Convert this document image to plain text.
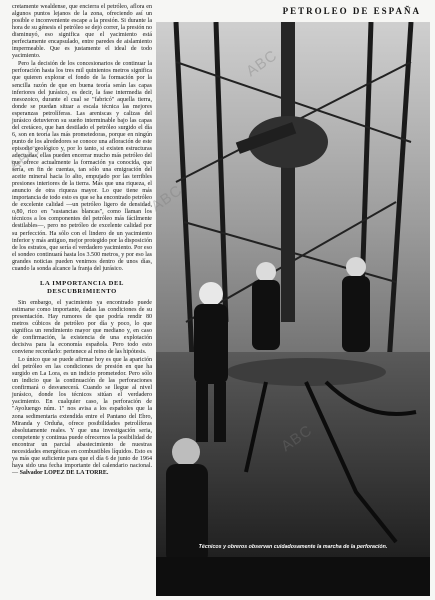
PETROLEO DE ESPAÑA

cretamente wealdense, que encierra el petróleo, aflora en algunos puntos lejanos de la zona, ofreciendo así un posible e inconveniente escape a la presión. Si durante la hora de su génesis el petróleo se dejó correr, la presión no disminuyó, eso significa que el yacimiento está perfectamente encapsulado, entre paredes de aislamiento impermeable. Que es justamente el ideal de todo yacimiento.

Pero la decisión de los concesionarios de continuar la perforación hasta los tres mil quinientos metros significa que quieren explorar el fondo de la formación por la sencilla razón de que en buena teoría serán las capas inferiores del jurásico, es decir, la fase intermedia del mesozoico, durante el cual se "fabricó" aquella tierra, donde se puedan situar a escala técnica las mejores esperanzas petrolíferas. Las areniscas y calizas del jurásico detuvieron su sueño interminable bajo las capas del cretáceo, que han destilado el petróleo surgido el día 6, son en teoría las más prometedoras, porque en ningún punto de los alrededores se conoce una afloración de este episodio geológico y, por lo tanto, si existen estructuras adecuadas, ellas pueden encerrar mucho más petróleo del que ofrece actualmente la formación ya conocida, que sería, en fin de cuentas, tan sólo una emigración del aceite mineral hacia lo alto, empujado por las terribles presiones interiores de la tierra. Más que una riqueza, el anuncio de otra riqueza mayor. Lo que tiene más importancia de todo esto es que se ha encontrado petróleo de excelente calidad —un petróleo ligero de densidad, o,80, rico en "sustancias blancas", como llaman los técnicos a los componentes del petróleo más fácilmente destilables—, pero no petróleo de excelente calidad por su perfección. Ha sólo con el lindero de un yacimiento inferior y más antiguo, mejor protegido por la disposición de los estratos, que sería el verdadero yacimiento. Por eso el sondeo continuará hasta los 3.500 metros, y por eso las grandes noticias pueden venirnos dentro de unos días, cuando la sonda alcance la franja del jurásico.

LA IMPORTANCIA DEL DESCUBRIMIENTO

Sin embargo, el yacimiento ya encontrado puede estimarse como importante, dadas las condiciones de su presentación. Hay rumores de que podría rendir 80 metros cúbicos de petróleo por día y poco, lo que significa un rendimiento mayor que mediano y, en caso de confirmación, la existencia de una explotación decisiva para la economía española. Pero todo esto conviene recordarlo: pertenece al reino de las hipótesis.

Lo único que se puede afirmar hoy es que la aparición del petróleo en las condiciones de presión en que ha surgido en La Lora, es un indicio prometedor. Pero sólo un indicio que la continuación de las perforaciones confirmará o desvanecerá. Cuando se llegue al nivel jurásico, donde los técnicos sitúan el verdadero yacimiento. En cualquier caso, la perforación de "Ayoluengo núm. 1" nos avisa a los españoles que la zona sedimentaria extendida entre el Pantano del Ebro, Miranda y Orduña, ofrece posibilidades petrolíferas absolutamente reales. Y que una investigación seria, competente y continua puede ofrecernos la posibilidad de encontrar un parcial abastecimiento de nuestras necesidades energéticas en combustibles líquidos. Esto es ya más que suficiente para que el día 6 de junio de 1964 haya sido una fecha importante del calendario nacional.— Salvador LOPEZ DE LA TORRE.

Técnicos y obreros observan cuidadosamente la marcha de la perforación.
ABC
ABC
ABC
ABC
